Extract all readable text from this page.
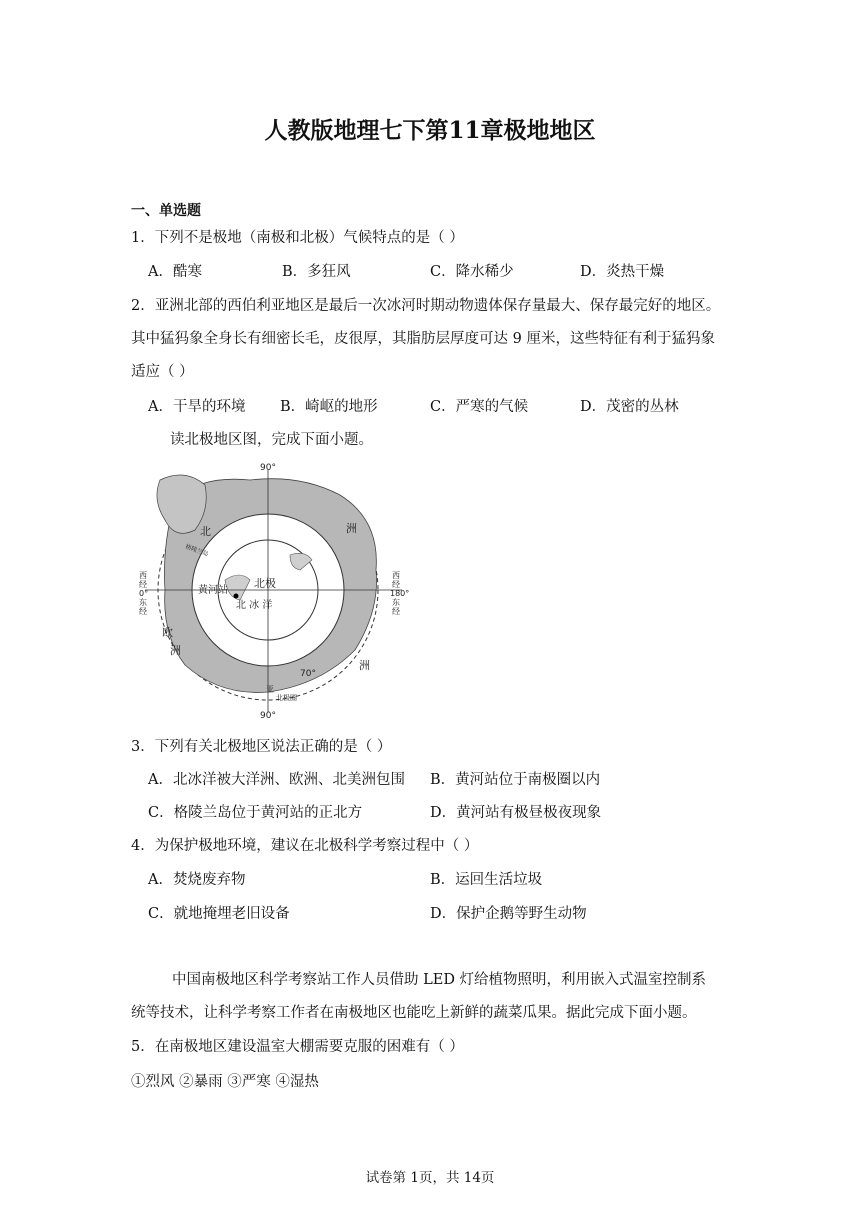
人教版地理七下第11章极地地区
一、单选题
1．下列不是极地（南极和北极）气候特点的是（ ）
A．酷寒	B．多狂风	C．降水稀少	D．炎热干燥
2．亚洲北部的西伯利亚地区是最后一次冰河时期动物遗体保存量最大、保存最完好的地区。
其中猛犸象全身长有细密长毛，皮很厚，其脂肪层厚度可达 9 厘米，这些特征有利于猛犸象
适应（ ）
A．干旱的环境 B．崎岖的地形	C．严寒的气候	D．茂密的丛林
读北极地区图，完成下面小题。
90°
90°
西
经
0°
东
经
西
经
180°
东
经
北极
北 冰 洋
黄河站
格陵兰岛
北	洲
洲
欧
洲
70°
亚
北极圈
3．下列有关北极地区说法正确的是（ ）
A．北冰洋被大洋洲、欧洲、北美洲包围 B．黄河站位于南极圈以内
C．格陵兰岛位于黄河站的正北方	D．黄河站有极昼极夜现象
4．为保护极地环境，建议在北极科学考察过程中（ ）
A．焚烧废弃物	B．运回生活垃圾
C．就地掩埋老旧设备	D．保护企鹅等野生动物
中国南极地区科学考察站工作人员借助 LED 灯给植物照明，利用嵌入式温室控制系
统等技术，让科学考察工作者在南极地区也能吃上新鲜的蔬菜瓜果。据此完成下面小题。
5．在南极地区建设温室大棚需要克服的困难有（ ）
①烈风 ②暴雨 ③严寒 ④湿热
试卷第 1页，共 14页
